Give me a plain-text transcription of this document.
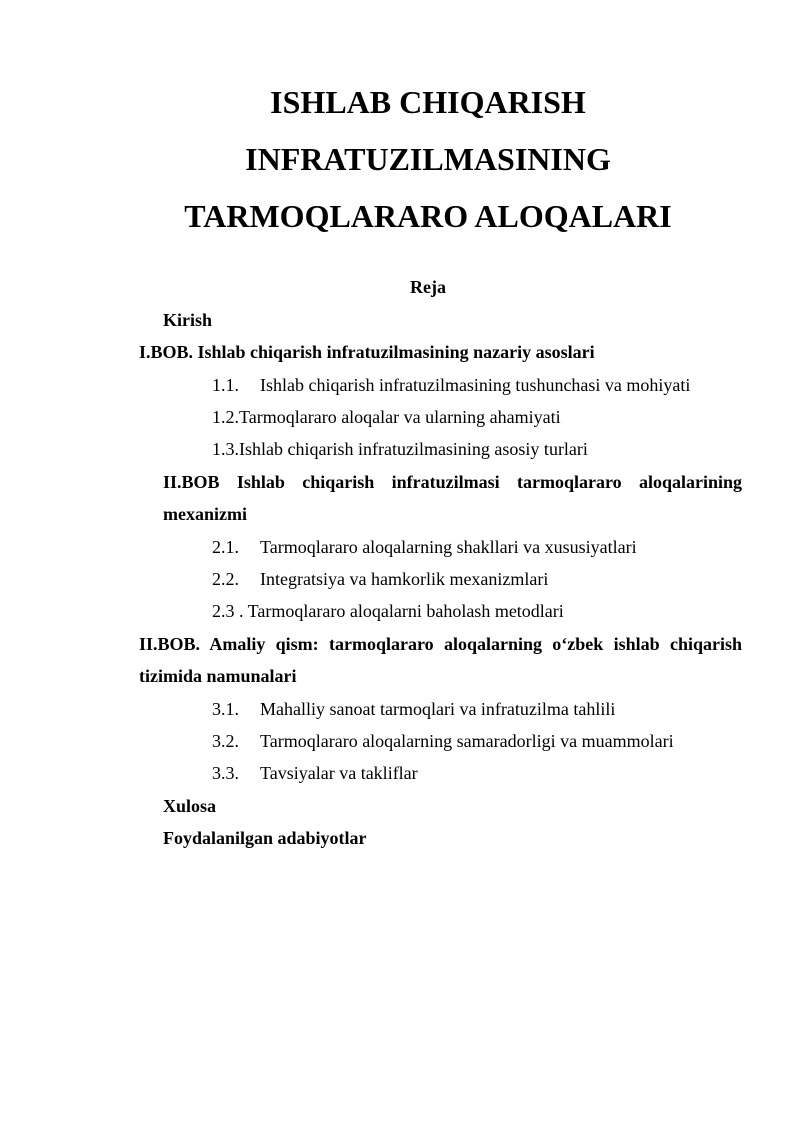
ISHLAB CHIQARISH
INFRATUZILMASINING
TARMOQLARARO ALOQALARI
Reja
Kirish
I.BOB. Ishlab chiqarish infratuzilmasining nazariy asoslari
1.1. Ishlab chiqarish infratuzilmasining tushunchasi va mohiyati
1.2.Tarmoqlararo aloqalar va ularning ahamiyati
1.3.Ishlab chiqarish infratuzilmasining asosiy turlari
II.BOB Ishlab chiqarish infratuzilmasi tarmoqlararo aloqalarining
mexanizmi
2.1. Tarmoqlararo aloqalarning shakllari va xususiyatlari
2.2. Integratsiya va hamkorlik mexanizmlari
2.3 . Tarmoqlararo aloqalarni baholash metodlari
II.BOB. Amaliy qism: tarmoqlararo aloqalarning o‘zbek ishlab chiqarish
tizimida namunalari
3.1. Mahalliy sanoat tarmoqlari va infratuzilma tahlili
3.2. Tarmoqlararo aloqalarning samaradorligi va muammolari
3.3. Tavsiyalar va takliflar
Xulosa
Foydalanilgan adabiyotlar
